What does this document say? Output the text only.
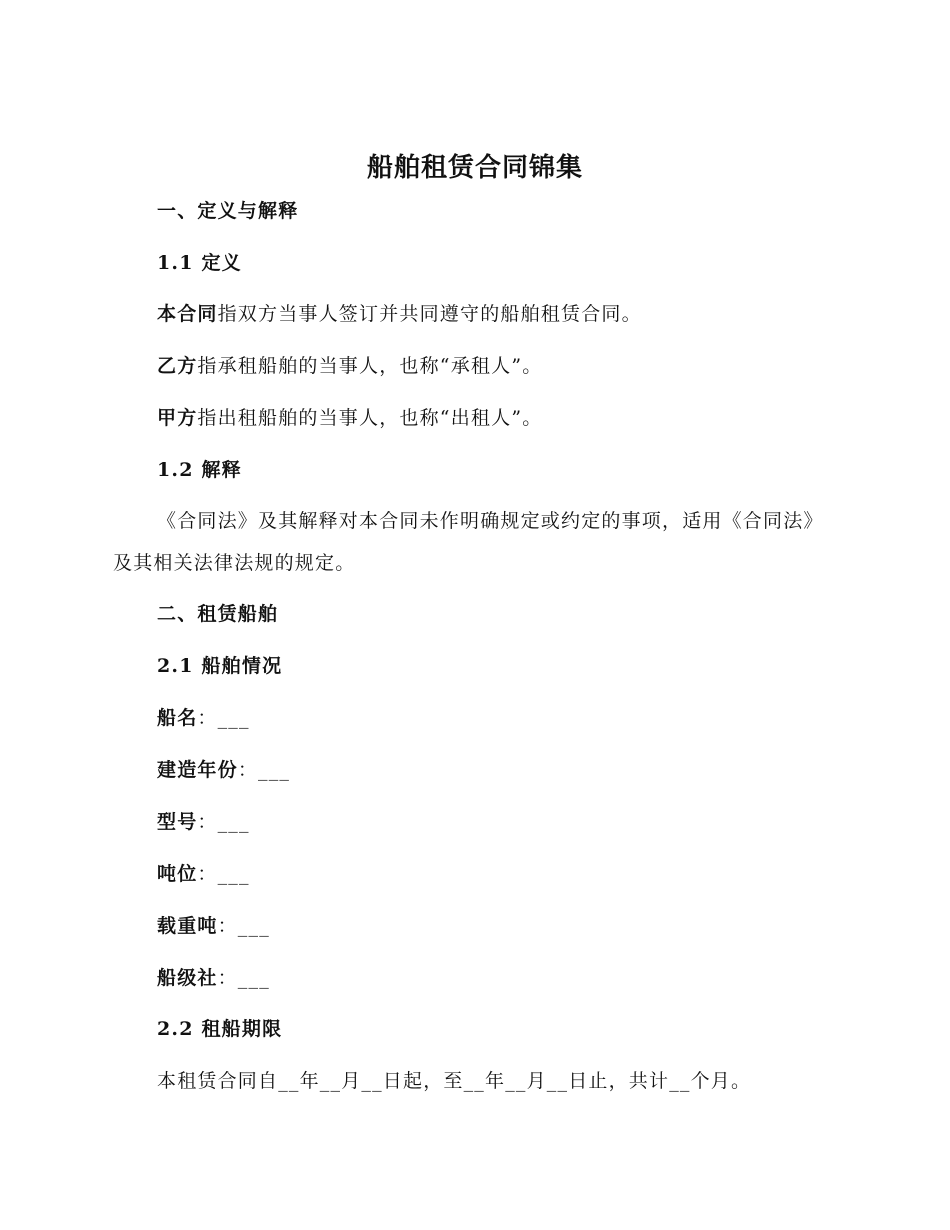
船舶租赁合同锦集
一、定义与解释
1.1 定义
本合同指双方当事人签订并共同遵守的船舶租赁合同。
乙方指承租船舶的当事人，也称“承租人”。
甲方指出租船舶的当事人，也称“出租人”。
1.2 解释
《合同法》及其解释对本合同未作明确规定或约定的事项，适用《合同法》及其相关法律法规的规定。
二、租赁船舶
2.1 船舶情况
船名：___
建造年份：___
型号：___
吨位：___
载重吨：___
船级社：___
2.2 租船期限
本租赁合同自__年__月__日起，至__年__月__日止，共计__个月。
